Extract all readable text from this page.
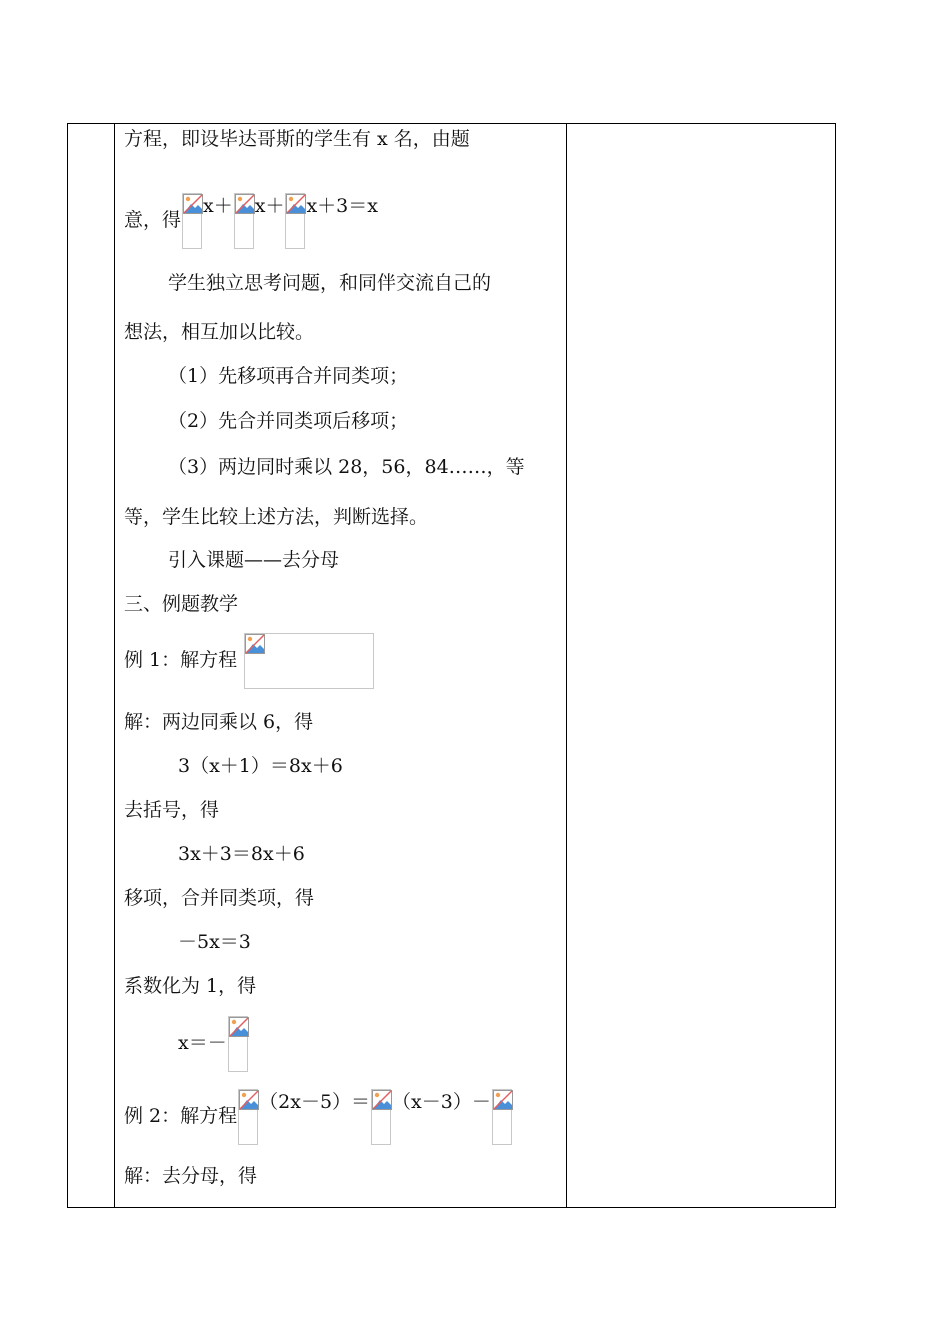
方程，即设毕达哥斯的学生有 x 名，由题
意，得
x＋ x＋ x＋3＝x
学生独立思考问题，和同伴交流自己的
想法，相互加以比较。
（1）先移项再合并同类项；
（2）先合并同类项后移项；
（3）两边同时乘以 28，56，84……，等
等，学生比较上述方法，判断选择。
引入课题——去分母
三、例题教学
例 1：解方程
解：两边同乘以 6，得
3（x＋1）＝8x＋6
去括号，得
3x＋3＝8x＋6
移项，合并同类项，得
－5x＝3
系数化为 1，得
x＝－
例 2：解方程
（2x－5）＝ （x－3）－
解：去分母，得
